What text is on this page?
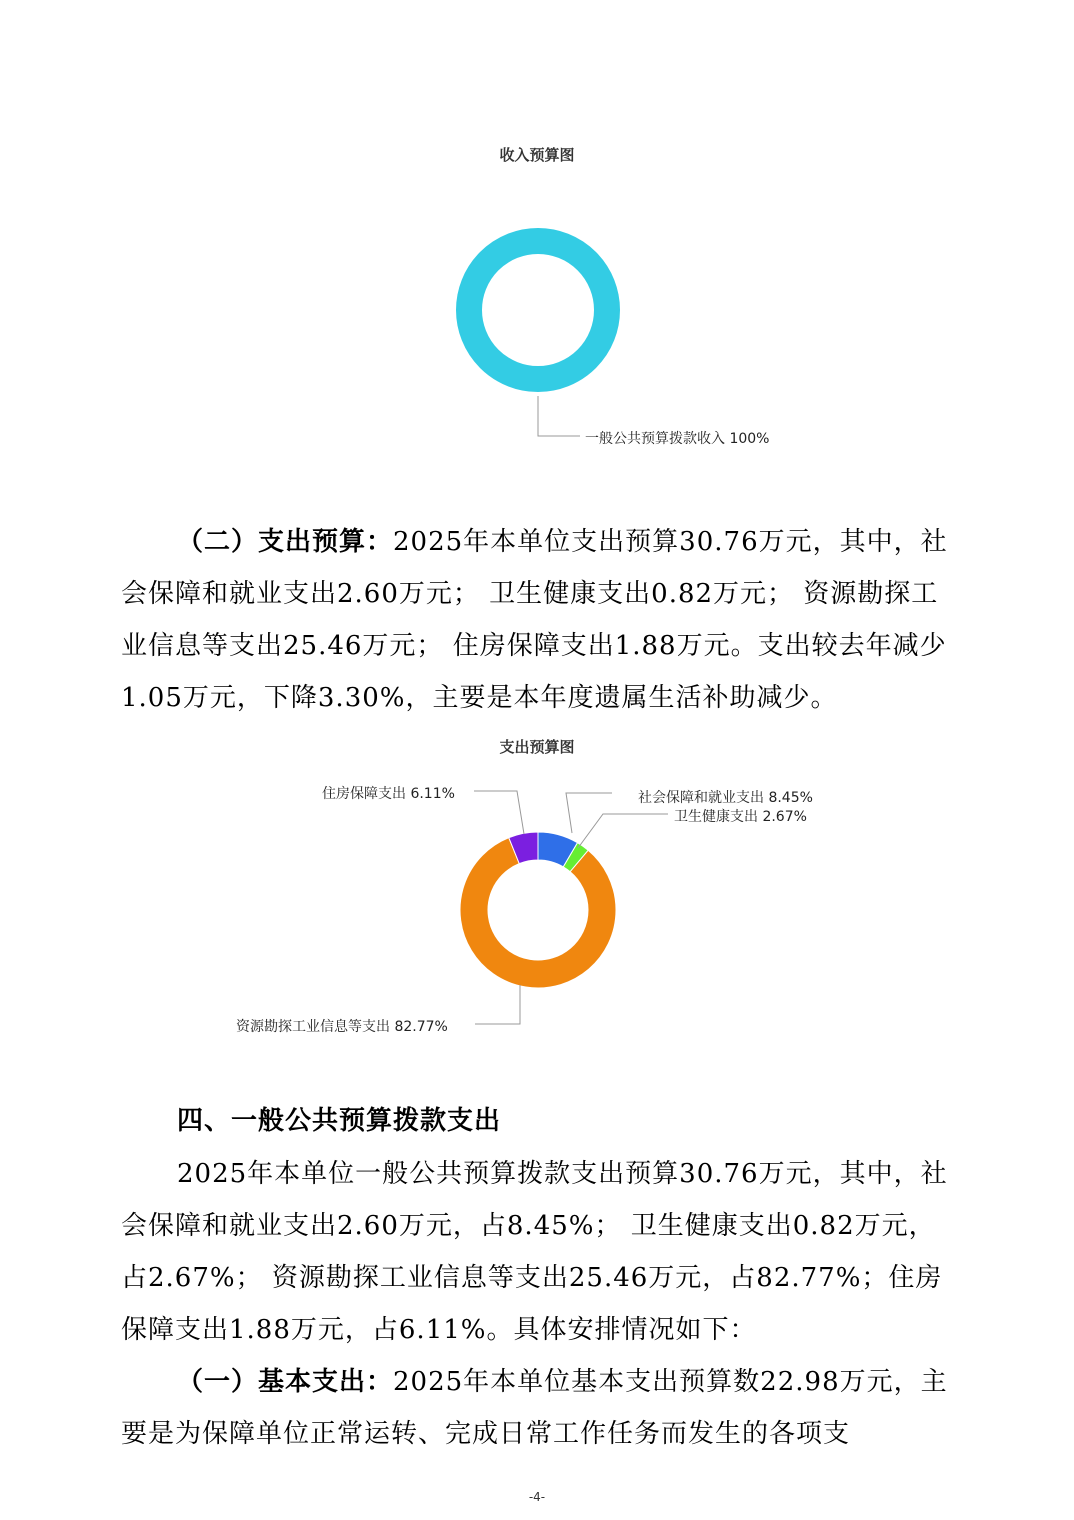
收入预算图
一般公共预算拨款收入 100%

（二）支出预算：2025年本单位支出预算30.76万元，其中，社会保障和就业支出2.60万元； 卫生健康支出0.82万元； 资源勘探工业信息等支出25.46万元； 住房保障支出1.88万元。支出较去年减少1.05万元，下降3.30%，主要是本年度遗属生活补助减少。

支出预算图
社会保障和就业支出 8.45%
卫生健康支出 2.67%
住房保障支出 6.11%
资源勘探工业信息等支出 82.77%
四、一般公共预算拨款支出

2025年本单位一般公共预算拨款支出预算30.76万元，其中，社会保障和就业支出2.60万元，占8.45%； 卫生健康支出0.82万元，占2.67%； 资源勘探工业信息等支出25.46万元，占82.77%；住房保障支出1.88万元，占6.11%。具体安排情况如下：

（一）基本支出：2025年本单位基本支出预算数22.98万元，主要是为保障单位正常运转、完成日常工作任务而发生的各项支

-4-
